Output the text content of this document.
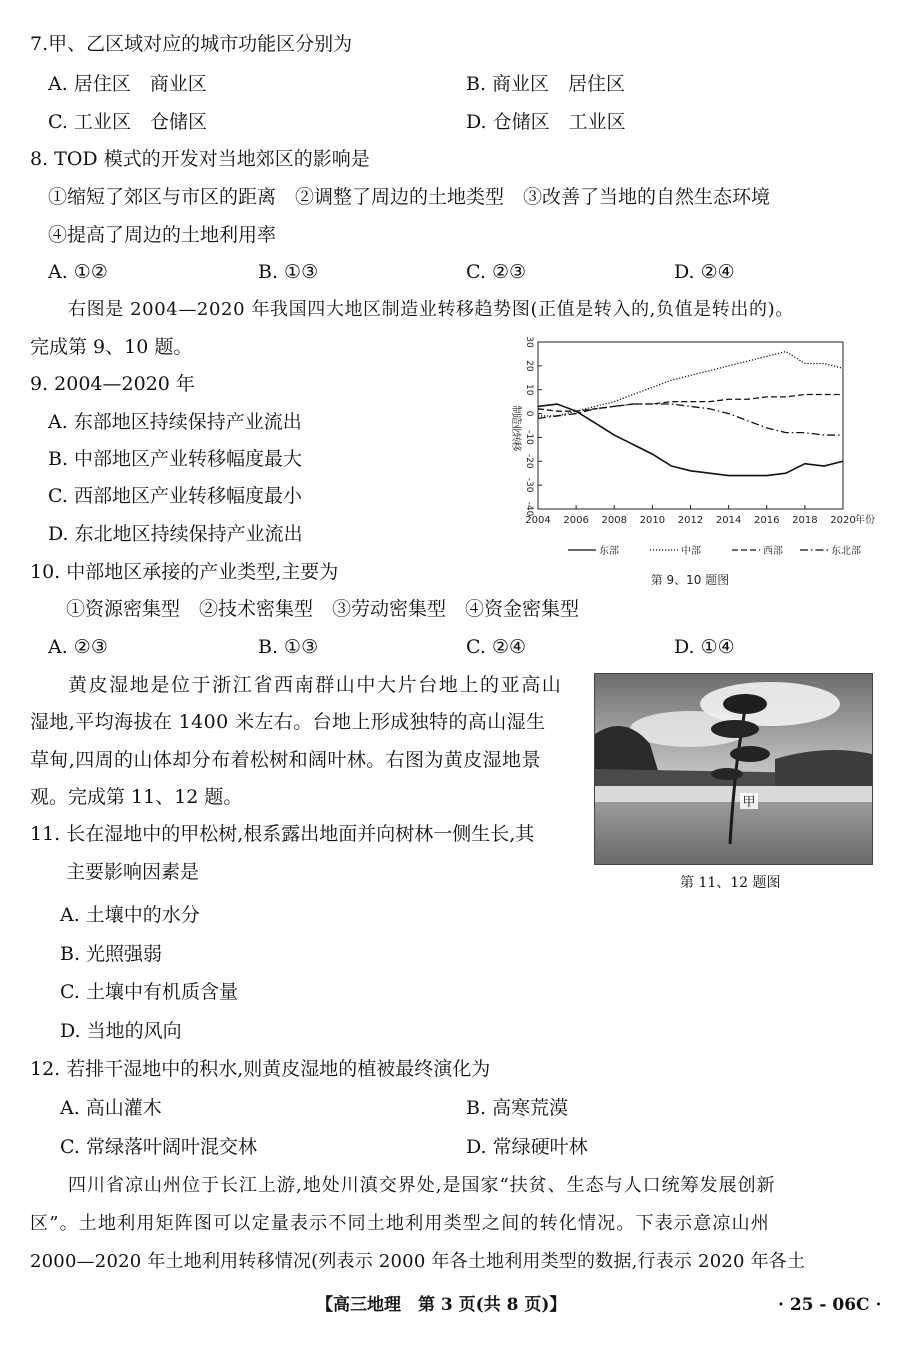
7.甲、乙区域对应的城市功能区分别为
A. 居住区　商业区	B. 商业区　居住区
C. 工业区　仓储区	D. 仓储区　工业区
8. TOD 模式的开发对当地郊区的影响是
①缩短了郊区与市区的距离　②调整了周边的土地类型　③改善了当地的自然生态环境
④提高了周边的土地利用率
A. ①②	B. ①③	C. ②③	D. ②④
右图是 2004—2020 年我国四大地区制造业转移趋势图(正值是转入的,负值是转出的)。
完成第 9、10 题。
9. 2004—2020 年
A. 东部地区持续保持产业流出
B. 中部地区产业转移幅度最大
C. 西部地区产业转移幅度最小
D. 东北地区持续保持产业流出
制造业转移
30
20
10
0
-10
-20
-30
-40
2004 2006 2008 2010 2012 2014 2016 2018 2020 年份
东部	中部	西部	东北部
第 9、10 题图
10. 中部地区承接的产业类型,主要为
①资源密集型　②技术密集型　③劳动密集型　④资金密集型
A. ②③	B. ①③	C. ②④	D. ①④
黄皮湿地是位于浙江省西南群山中大片台地上的亚高山
湿地,平均海拔在 1400 米左右。台地上形成独特的高山湿生
草甸,四周的山体却分布着松树和阔叶林。右图为黄皮湿地景
观。完成第 11、12 题。	甲
第 11、12 题图
11. 长在湿地中的甲松树,根系露出地面并向树林一侧生长,其
主要影响因素是
A. 土壤中的水分
B. 光照强弱
C. 土壤中有机质含量
D. 当地的风向
12. 若排干湿地中的积水,则黄皮湿地的植被最终演化为
A. 高山灌木	B. 高寒荒漠
C. 常绿落叶阔叶混交林	D. 常绿硬叶林
四川省凉山州位于长江上游,地处川滇交界处,是国家“扶贫、生态与人口统筹发展创新
区”。土地利用矩阵图可以定量表示不同土地利用类型之间的转化情况。下表示意凉山州
2000—2020 年土地利用转移情况(列表示 2000 年各土地利用类型的数据,行表示 2020 年各土
【高三地理　第 3 页(共 8 页)】	· 25 - 06C ·
